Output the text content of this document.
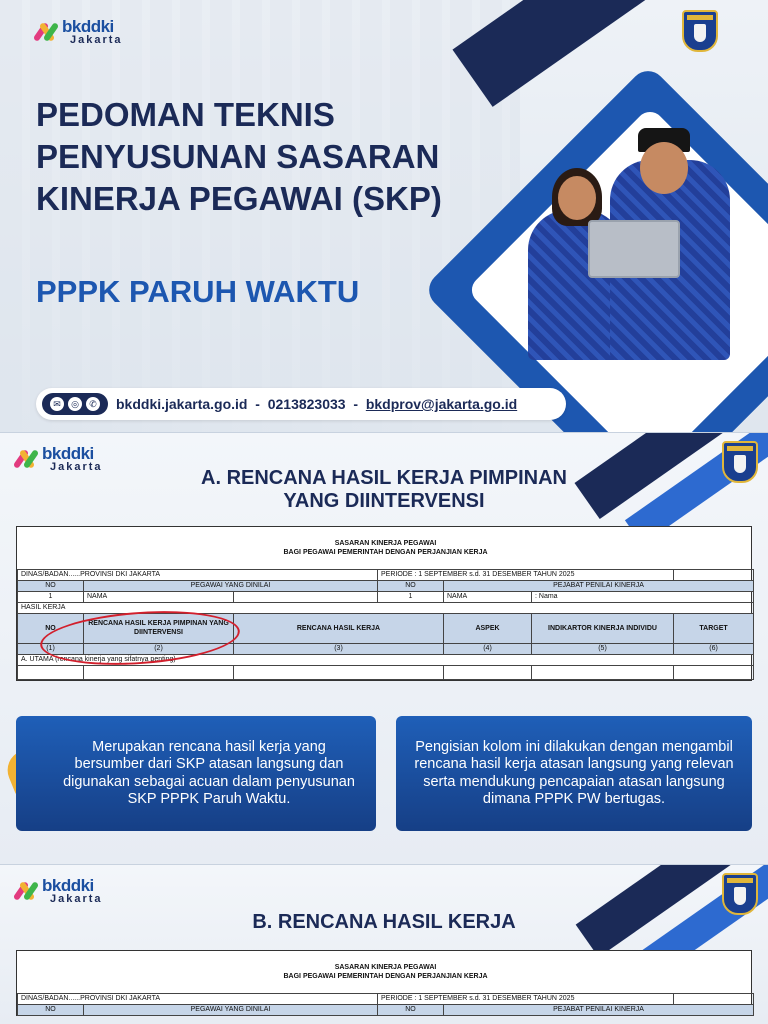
bkddki
Jakarta
PEDOMAN TEKNIS PENYUSUNAN SASARAN KINERJA PEGAWAI (SKP)
PPPK PARUH WAKTU
✉	◎	✆ bkddki.jakarta.go.id - 0213823033 - bkdprov@jakarta.go.id
bkddki
Jakarta	A. RENCANA HASIL KERJA PIMPINAN
YANG DIINTERVENSI
SASARAN KINERJA PEGAWAI
BAGI PEGAWAI PEMERINTAH DENGAN PERJANJIAN KERJA						

DINAS/BADAN......PROVINSI DKI JAKARTA			PERIODE : 1 SEPTEMBER s.d. 31 DESEMBER TAHUN 2025			
NO	PEGAWAI YANG DINILAI		NO	PEJABAT PENILAI KINERJA		
1	NAMA		1	NAMA	: Nama	
HASIL KERJA						
NO	RENCANA HASIL KERJA PIMPINAN YANG DIINTERVENSI	RENCANA HASIL KERJA		ASPEK	INDIKARTOR KINERJA INDIVIDU	TARGET
(1)	(2)	(3)		(4)	(5)	(6)
A. UTAMA (rencana kinerja yang sifatnya penting)						

Merupakan rencana hasil kerja yang bersumber dari SKP atasan langsung dan digunakan sebagai acuan dalam penyusunan SKP PPPK Paruh Waktu.
Pengisian kolom ini dilakukan dengan mengambil rencana hasil kerja atasan langsung yang relevan serta mendukung pencapaian atasan langsung dimana PPPK PW bertugas.
bkddki
Jakarta
B. RENCANA HASIL KERJA
SASARAN KINERJA PEGAWAI
BAGI PEGAWAI PEMERINTAH DENGAN PERJANJIAN KERJA				

DINAS/BADAN......PROVINSI DKI JAKARTA		PERIODE : 1 SEPTEMBER s.d. 31 DESEMBER TAHUN 2025		
NO	PEGAWAI YANG DINILAI	NO	PEJABAT PENILAI KINERJA	
